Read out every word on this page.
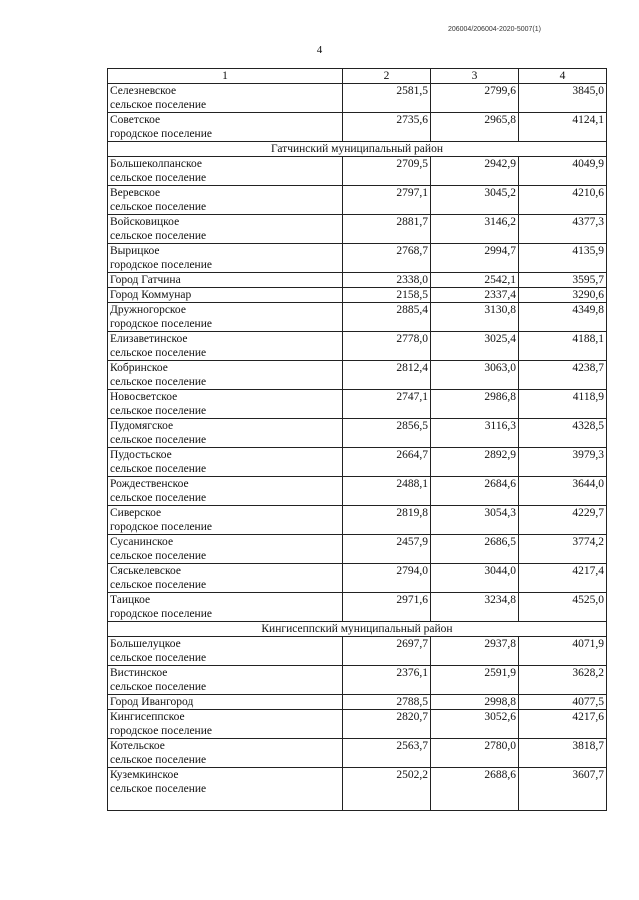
206004/206004-2020-5007(1)
4
1	2	3	4

Селезневское
сельское поселение	2581,5	2799,6	3845,0

Советское
городское поселение	2735,6	2965,8	4124,1
Гатчинский муниципальный район			

Большеколпанское
сельское поселение	2709,5	2942,9	4049,9

Веревское
сельское поселение	2797,1	3045,2	4210,6

Войсковицкое
сельское поселение	2881,7	3146,2	4377,3

Вырицкое
городское поселение	2768,7	2994,7	4135,9

Город Гатчина	2338,0	2542,1	3595,7

Город Коммунар	2158,5	2337,4	3290,6

Дружногорское
городское поселение	2885,4	3130,8	4349,8

Елизаветинское
сельское поселение	2778,0	3025,4	4188,1

Кобринское
сельское поселение	2812,4	3063,0	4238,7

Новосветское
сельское поселение	2747,1	2986,8	4118,9

Пудомягское
сельское поселение	2856,5	3116,3	4328,5

Пудостьское
сельское поселение	2664,7	2892,9	3979,3

Рождественское
сельское поселение	2488,1	2684,6	3644,0

Сиверское
городское поселение	2819,8	3054,3	4229,7

Сусанинское
сельское поселение	2457,9	2686,5	3774,2

Сяськелевское
сельское поселение	2794,0	3044,0	4217,4

Таицкое
городское поселение	2971,6	3234,8	4525,0
Кингисеппский муниципальный район			

Большелуцкое
сельское поселение	2697,7	2937,8	4071,9

Вистинское
сельское поселение	2376,1	2591,9	3628,2

Город Ивангород	2788,5	2998,8	4077,5

Кингисеппское
городское поселение	2820,7	3052,6	4217,6

Котельское
сельское поселение	2563,7	2780,0	3818,7

Куземкинское
сельское поселение	2502,2	2688,6	3607,7
